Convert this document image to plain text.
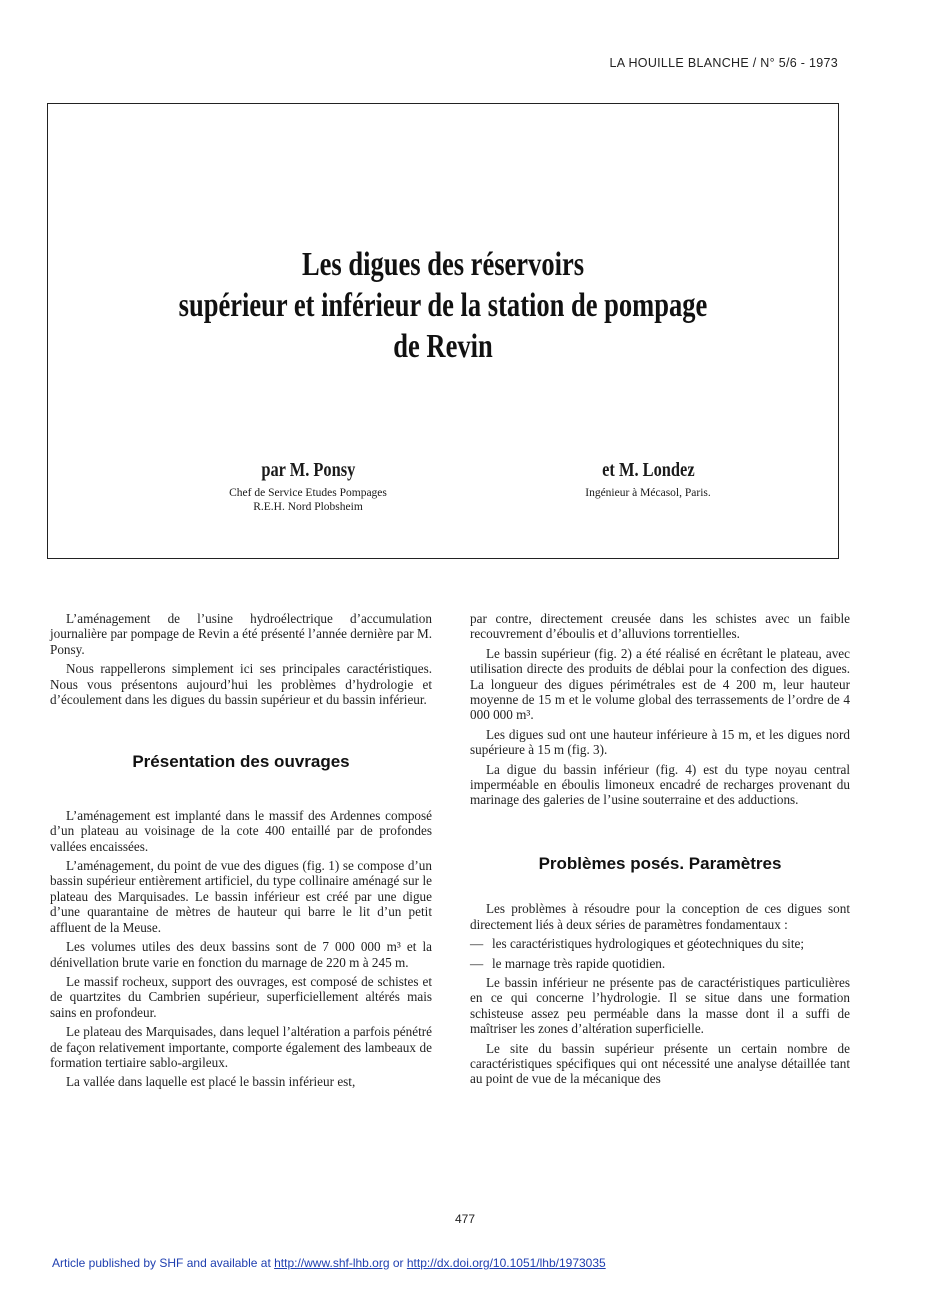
LA HOUILLE BLANCHE / N° 5/6 - 1973
Les digues des réservoirs
supérieur et inférieur de la station de pompage
de Revin
par M. Ponsy
Chef de Service Etudes Pompages
R.E.H. Nord Plobsheim
et M. Londez
Ingénieur à Mécasol, Paris.

L’aménagement de l’usine hydroélectrique d’accumulation journalière par pompage de Revin a été présenté l’année dernière par M. Ponsy.

Nous rappellerons simplement ici ses principales caractéristiques. Nous vous présentons aujourd’hui les problèmes d’hydrologie et d’écoulement dans les digues du bassin supérieur et du bassin inférieur.

Présentation des ouvrages

L’aménagement est implanté dans le massif des Ardennes composé d’un plateau au voisinage de la cote 400 entaillé par de profondes vallées encaissées.

L’aménagement, du point de vue des digues (fig. 1) se compose d’un bassin supérieur entièrement artificiel, du type collinaire aménagé sur le plateau des Marquisades. Le bassin inférieur est créé par une digue d’une quarantaine de mètres de hauteur qui barre le lit d’un petit affluent de la Meuse.

Les volumes utiles des deux bassins sont de 7 000 000 m³ et la dénivellation brute varie en fonction du marnage de 220 m à 245 m.

Le massif rocheux, support des ouvrages, est composé de schistes et de quartzites du Cambrien supérieur, superficiellement altérés mais sains en profondeur.

Le plateau des Marquisades, dans lequel l’altération a parfois pénétré de façon relativement importante, comporte également des lambeaux de formation tertiaire sablo-argileux.

La vallée dans laquelle est placé le bassin inférieur est,

par contre, directement creusée dans les schistes avec un faible recouvrement d’éboulis et d’alluvions torrentielles.

Le bassin supérieur (fig. 2) a été réalisé en écrêtant le plateau, avec utilisation directe des produits de déblai pour la confection des digues. La longueur des digues périmétrales est de 4 200 m, leur hauteur moyenne de 15 m et le volume global des terrassements de l’ordre de 4 000 000 m³.

Les digues sud ont une hauteur inférieure à 15 m, et les digues nord supérieure à 15 m (fig. 3).

La digue du bassin inférieur (fig. 4) est du type noyau central imperméable en éboulis limoneux encadré de recharges provenant du marinage des galeries de l’usine souterraine et des adductions.

Problèmes posés. Paramètres

Les problèmes à résoudre pour la conception de ces digues sont directement liés à deux séries de paramètres fondamentaux :

— les caractéristiques hydrologiques et géotechniques du site;
— le marnage très rapide quotidien.

Le bassin inférieur ne présente pas de caractéristiques particulières en ce qui concerne l’hydrologie. Il se situe dans une formation schisteuse assez peu perméable dans la masse dont il a suffi de maîtriser les zones d’altération superficielle.

Le site du bassin supérieur présente un certain nombre de caractéristiques spécifiques qui ont nécessité une analyse détaillée tant au point de vue de la mécanique des

477
Article published by SHF and available at http://www.shf-lhb.org or http://dx.doi.org/10.1051/lhb/1973035
